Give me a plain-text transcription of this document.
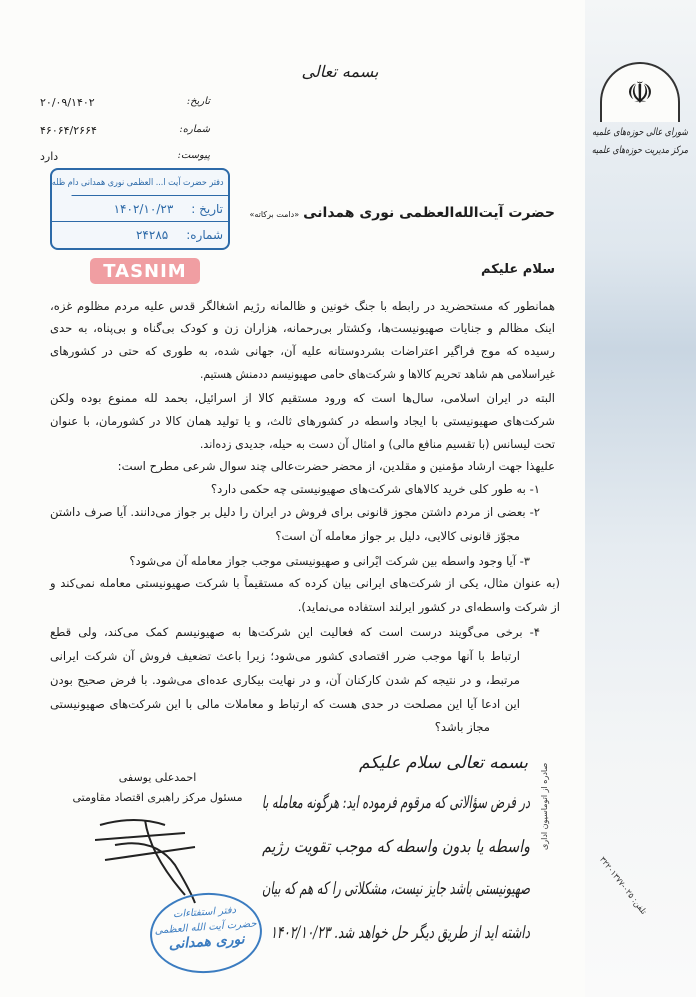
☫
شورای عالی حوزه‌های علمیه
مرکز مدیریت حوزه‌های علمیه
بسمه تعالی
تاریخ:
۲۰/۰۹/۱۴۰۲
شماره:
۴۶۰۶۴/۲۶۶۴
پیوست:
دارد
دفتر حضرت آیت ا... العظمی نوری همدانی دام ظله
تاریخ :
۱۴۰۲/۱۰/۲۳
شماره:
۲۴۲۸۵
حضرت آیت‌الله‌العظمی نوری همدانی«دامت برکاته»
سلام علیکم
TASNIM
همانطور که مستحضرید در رابطه با جنگ خونین و ظالمانه رژیم اشغالگر قدس علیه مردم مظلوم غزه،
اینک مظالم و جنایات صهیونیست‌ها، وکشتار بی‌رحمانه، هزاران زن و کودک بی‌گناه و بی‌پناه، به حدی
رسیده که موج فراگیر اعتراضات بشردوستانه علیه آن، جهانی شده، به طوری که حتی در کشورهای
غیراسلامی هم شاهد تحریم کالاها و شرکت‌های حامی صهیونیسم ددمنش هستیم.
البته در ایران اسلامی، سال‌ها است که ورود مستقیم کالا از اسرائیل، بحمد لله ممنوع بوده ولکن
شرکت‌های صهیونیستی با ایجاد واسطه در کشورهای ثالث، و یا تولید همان کالا در کشورمان، با عنوان
تحت لیسانس (با تقسیم منافع مالی) و امثال آن دست به حیله، جدیدی زده‌اند.
علیهذا جهت ارشاد مؤمنین و مقلدین، از محضر حضرت‌عالی چند سوال شرعی مطرح است:
۱- به طور کلی خرید کالاهای شرکت‌های صهیونیستی چه حکمی دارد؟
۲- بعضی از مردم داشتن مجوز قانونی برای فروش در ایران را دلیل بر جواز می‌دانند. آیا صرف داشتن
مجوّز قانونی کالایی، دلیل بر جواز معامله آن است؟
۳- آیا وجود واسطه بین شرکت ایْرانی و صهیونیستی موجب جواز معامله آن می‌شود؟
(به عنوان مثال، یکی از شرکت‌های ایرانی بیان کرده که مستقیماً با شرکت صهیونیستی معامله نمی‌کند و
از شرکت واسطه‌ای در کشور ایرلند استفاده می‌نماید).
۴- برخی می‌گویند درست است که فعالیت این شرکت‌ها به صهیونیسم کمک می‌کند، ولی قطع
ارتباط با آنها موجب ضرر اقتصادی کشور می‌شود؛ زیرا باعث تضعیف فروش آن شرکت ایرانی
مرتبط، و در نتیجه کم شدن کارکنان آن، و در نهایت بیکاری عده‌ای می‌شود. با فرض صحیح بودن
این ادعا آیا این مصلحت در حدی هست که ارتباط و معاملات مالی با این شرکت‌های صهیونیستی
مجاز باشد؟
احمدعلی یوسفی
مسئول مرکز راهبری اقتصاد مقاومتی
بسمه تعالی سلام علیکم
در فرض سؤالاتی که مرقوم فرموده اید: هرگونه معامله با
واسطه یا بدون واسطه که موجب تقویت رژیم
صهیونیستی باشد جایز نیست، مشکلاتی را که هم که بیان
داشته اید از طریق دیگر حل خواهد شد. ۱۴۰۲/۱۰/۲۳
دفتر استفتاءات
حضرت آیت الله العظمی
نوری همدانی
صادره از اتوماسیون اداری
تلفن: ۰۲۵-۳۲۲۰۱۳۷۷
